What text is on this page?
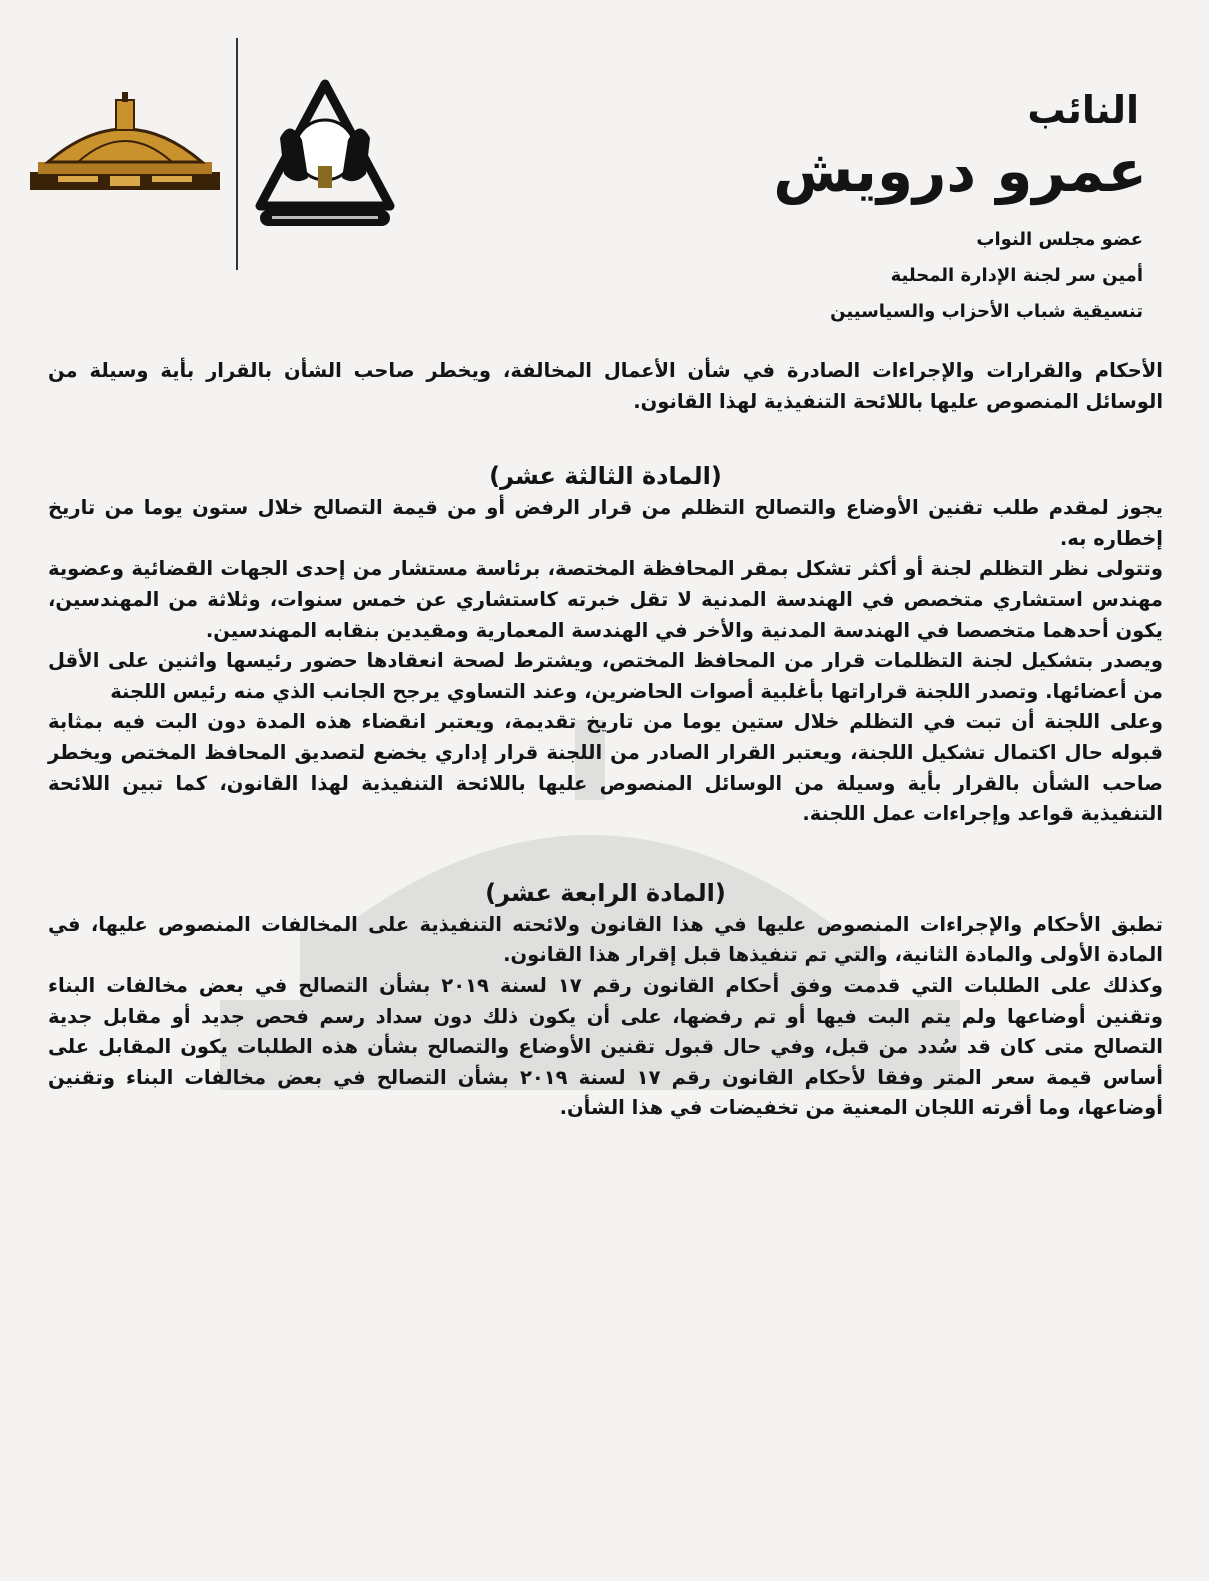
النائب
عمرو درويش
عضو مجلس النواب
أمين سر لجنة الإدارة المحلية
تنسيقية شباب الأحزاب والسياسيين

الأحكام والقرارات والإجراءات الصادرة في شأن الأعمال المخالفة، ويخطر صاحب الشأن بالقرار بأية وسيلة من الوسائل المنصوص عليها باللائحة التنفيذية لهذا القانون.

(المادة الثالثة عشر)

يجوز لمقدم طلب تقنين الأوضاع والتصالح التظلم من قرار الرفض أو من قيمة التصالح خلال ستون يوما من تاريخ إخطاره به.

وتتولى نظر التظلم لجنة أو أكثر تشكل بمقر المحافظة المختصة، برئاسة مستشار من إحدى الجهات القضائية وعضوية مهندس استشاري متخصص في الهندسة المدنية لا تقل خبرته كاستشاري عن خمس سنوات، وثلاثة من المهندسين، يكون أحدهما متخصصا في الهندسة المدنية والأخر في الهندسة المعمارية ومقيدين بنقابه المهندسين.

ويصدر بتشكيل لجنة التظلمات قرار من المحافظ المختص، ويشترط لصحة انعقادها حضور رئيسها واثنين على الأقل من أعضائها. وتصدر اللجنة قراراتها بأغلبية أصوات الحاضرين، وعند التساوي يرجح الجانب الذي منه رئيس اللجنة

وعلى اللجنة أن تبت في التظلم خلال ستين يوما من تاريخ تقديمة، ويعتبر انقضاء هذه المدة دون البت فيه بمثابة قبوله حال اكتمال تشكيل اللجنة، ويعتبر القرار الصادر من اللجنة قرار إداري يخضع لتصديق المحافظ المختص ويخطر صاحب الشأن بالقرار بأية وسيلة من الوسائل المنصوص عليها باللائحة التنفيذية لهذا القانون، كما تبين اللائحة التنفيذية قواعد وإجراءات عمل اللجنة.

(المادة الرابعة عشر)

تطبق الأحكام والإجراءات المنصوص عليها في هذا القانون ولائحته التنفيذية على المخالفات المنصوص عليها، في المادة الأولى والمادة الثانية، والتي تم تنفيذها قبل إقرار هذا القانون.

وكذلك على الطلبات التي قدمت وفق أحكام القانون رقم ١٧ لسنة ٢٠١٩ بشأن التصالح في بعض مخالفات البناء وتقنين أوضاعها ولم يتم البت فيها أو تم رفضها، على أن يكون ذلك دون سداد رسم فحص جديد أو مقابل جدية التصالح متى كان قد سُدد من قبل، وفي حال قبول تقنين الأوضاع والتصالح بشأن هذه الطلبات يكون المقابل على أساس قيمة سعر المتر وفقا لأحكام القانون رقم ١٧ لسنة ٢٠١٩ بشأن التصالح في بعض مخالفات البناء وتقنين أوضاعها، وما أقرته اللجان المعنية من تخفيضات في هذا الشأن.
